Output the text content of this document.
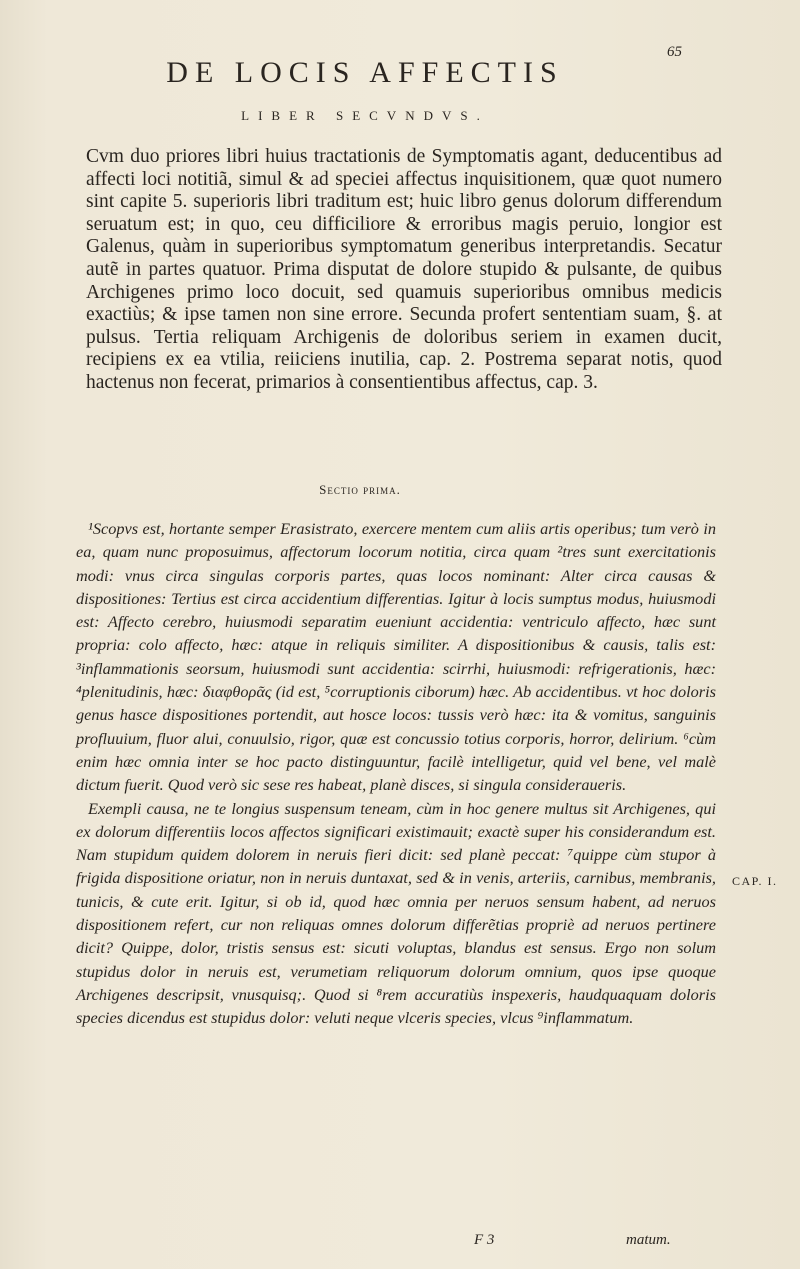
65
DE LOCIS AFFECTIS
LIBER SECVNDVS.

Cvm duo priores libri huius tractationis de Symptomatis agant, deducentibus ad affecti loci notitiã, simul & ad speciei affectus inquisitionem, quæ quot numero sint capite 5. superioris libri traditum est; huic libro genus dolorum differendum seruatum est; in quo, ceu difficiliore & erroribus magis peruio, longior est Galenus, quàm in superioribus symptomatum generibus interpretandis. Secatur autẽ in partes quatuor. Prima disputat de dolore stupido & pulsante, de quibus Archigenes primo loco docuit, sed quamuis superioribus omnibus medicis exactiùs; & ipse tamen non sine errore. Secunda profert sententiam suam, §. at pulsus. Tertia reliquam Archigenis de doloribus seriem in examen ducit, recipiens ex ea vtilia, reiiciens inutilia, cap. 2. Postrema separat notis, quod hactenus non fecerat, primarios à consentientibus affectus, cap. 3.

Sectio prima.

¹Scopvs est, hortante semper Erasistrato, exercere mentem cum aliis artis operibus; tum verò in ea, quam nunc proposuimus, affectorum locorum notitia, circa quam ²tres sunt exercitationis modi: vnus circa singulas corporis partes, quas locos nominant: Alter circa causas & dispositiones: Tertius est circa accidentium differentias. Igitur à locis sumptus modus, huiusmodi est: Affecto cerebro, huiusmodi separatim eueniunt accidentia: ventriculo affecto, hæc sunt propria: colo affecto, hæc: atque in reliquis similiter. A dispositionibus & causis, talis est: ³inflammationis seorsum, huiusmodi sunt accidentia: scirrhi, huiusmodi: refrigerationis, hæc: ⁴plenitudinis, hæc: διαφθορᾶς (id est, ⁵corruptionis ciborum) hæc. Ab accidentibus. vt hoc doloris genus hasce dispositiones portendit, aut hosce locos: tussis verò hæc: ita & vomitus, sanguinis profluuium, fluor alui, conuulsio, rigor, quæ est concussio totius corporis, horror, delirium. ⁶cùm enim hæc omnia inter se hoc pacto distinguuntur, facilè intelligetur, quid vel bene, vel malè dictum fuerit. Quod verò sic sese res habeat, planè disces, si singula consideraueris.

Exempli causa, ne te longius suspensum teneam, cùm in hoc genere multus sit Archigenes, qui ex dolorum differentiis locos affectos significari existimauit; exactè super his considerandum est. Nam stupidum quidem dolorem in neruis fieri dicit: sed planè peccat: ⁷quippe cùm stupor à frigida dispositione oriatur, non in neruis duntaxat, sed & in venis, arteriis, carnibus, membranis, tunicis, & cute erit. Igitur, si ob id, quod hæc omnia per neruos sensum habent, ad neruos dispositionem refert, cur non reliquas omnes dolorum differẽtias propriè ad neruos pertinere dicit? Quippe, dolor, tristis sensus est: sicuti voluptas, blandus est sensus. Ergo non solum stupidus dolor in neruis est, verumetiam reliquorum dolorum omnium, quos ipse quoque Archigenes descripsit, vnusquisq;. Quod si ⁸rem accuratiùs inspexeris, haudquaquam doloris species dicendus est stupidus dolor: veluti neque vlceris species, vlcus ⁹inflammatum.

CAP. I.
F 3	matum.
